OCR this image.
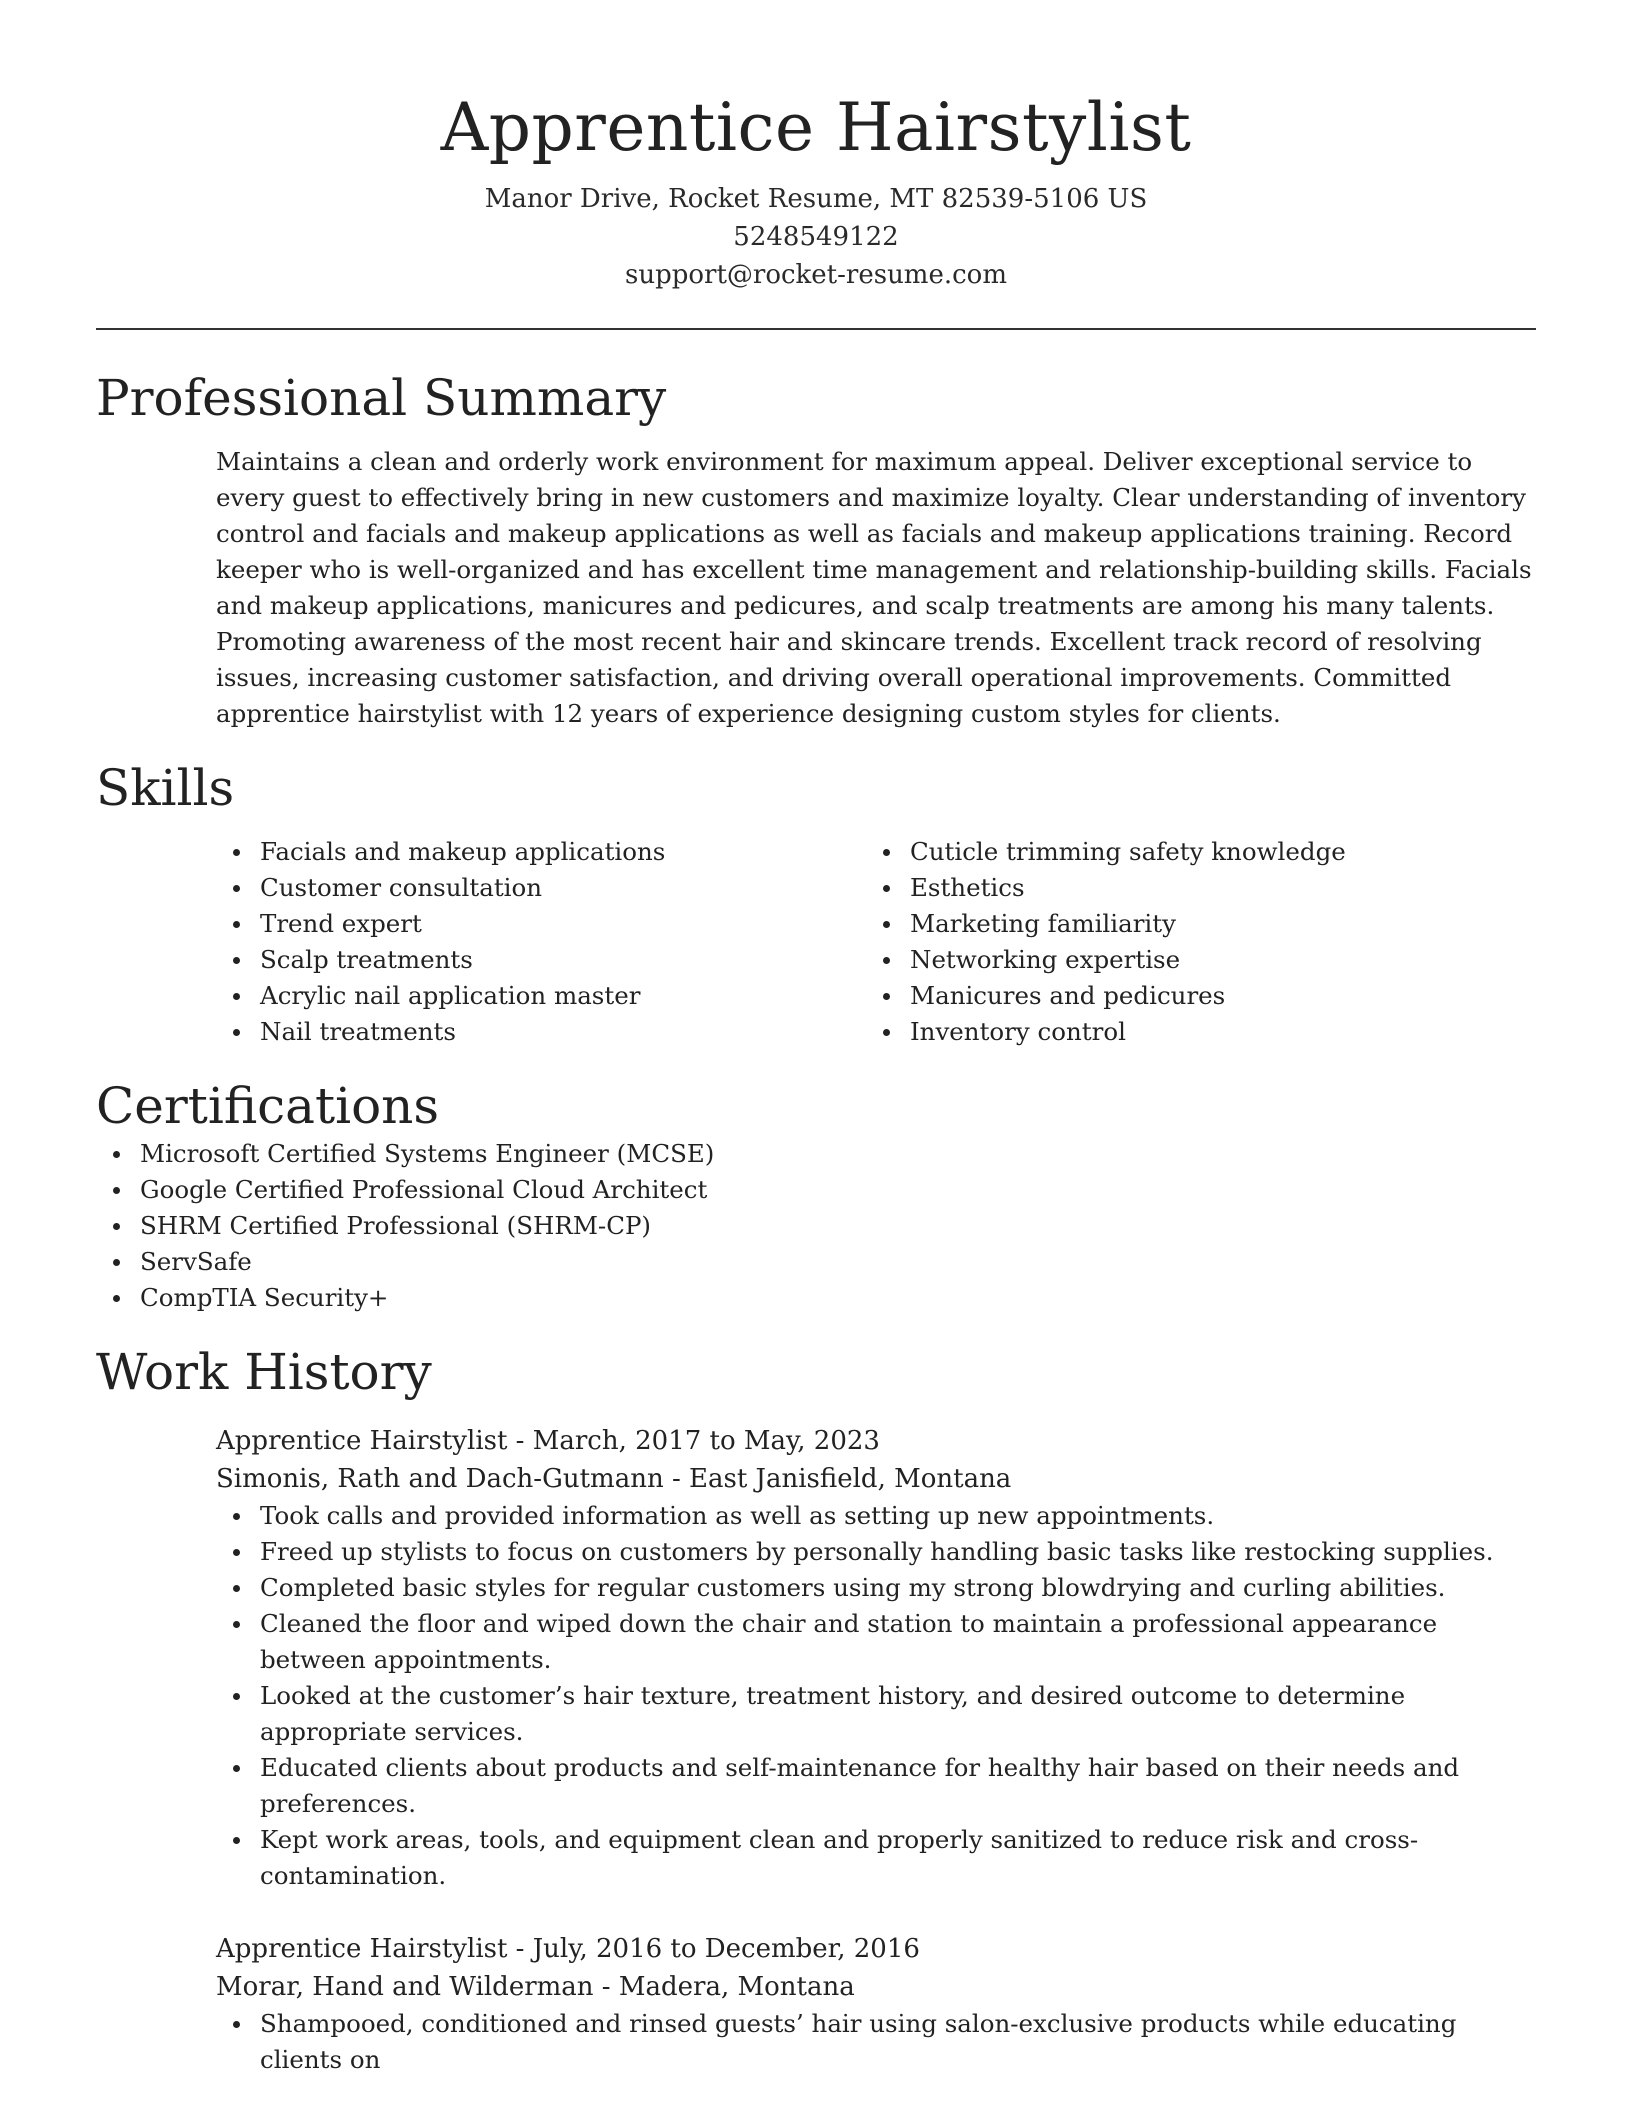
Apprentice Hairstylist
Manor Drive, Rocket Resume, MT 82539-5106 US
5248549122
support@rocket-resume.com
Professional Summary

Maintains a clean and orderly work environment for maximum appeal. Deliver exceptional service to every guest to effectively bring in new customers and maximize loyalty. Clear understanding of inventory control and facials and makeup applications as well as facials and makeup applications training. Record keeper who is well-organized and has excellent time management and relationship-building skills. Facials and makeup applications, manicures and pedicures, and scalp treatments are among his many talents. Promoting awareness of the most recent hair and skincare trends. Excellent track record of resolving issues, increasing customer satisfaction, and driving overall operational improvements. Committed apprentice hairstylist with 12 years of experience designing custom styles for clients.

Skills
Facials and makeup applications
Customer consultation
Trend expert
Scalp treatments
Acrylic nail application master
Nail treatments
Cuticle trimming safety knowledge
Esthetics
Marketing familiarity
Networking expertise
Manicures and pedicures
Inventory control
Certifications
Microsoft Certified Systems Engineer (MCSE)
Google Certified Professional Cloud Architect
SHRM Certified Professional (SHRM-CP)
ServSafe
CompTIA Security+
Work History
Apprentice Hairstylist - March, 2017 to May, 2023
Simonis, Rath and Dach-Gutmann - East Janisfield, Montana
Took calls and provided information as well as setting up new appointments.
Freed up stylists to focus on customers by personally handling basic tasks like restocking supplies.
Completed basic styles for regular customers using my strong blowdrying and curling abilities.
Cleaned the floor and wiped down the chair and station to maintain a professional appearance between appointments.
Looked at the customer’s hair texture, treatment history, and desired outcome to determine appropriate services.
Educated clients about products and self-maintenance for healthy hair based on their needs and preferences.
Kept work areas, tools, and equipment clean and properly sanitized to reduce risk and cross-contamination.
Apprentice Hairstylist - July, 2016 to December, 2016
Morar, Hand and Wilderman - Madera, Montana
Shampooed, conditioned and rinsed guests’ hair using salon-exclusive products while educating clients on
